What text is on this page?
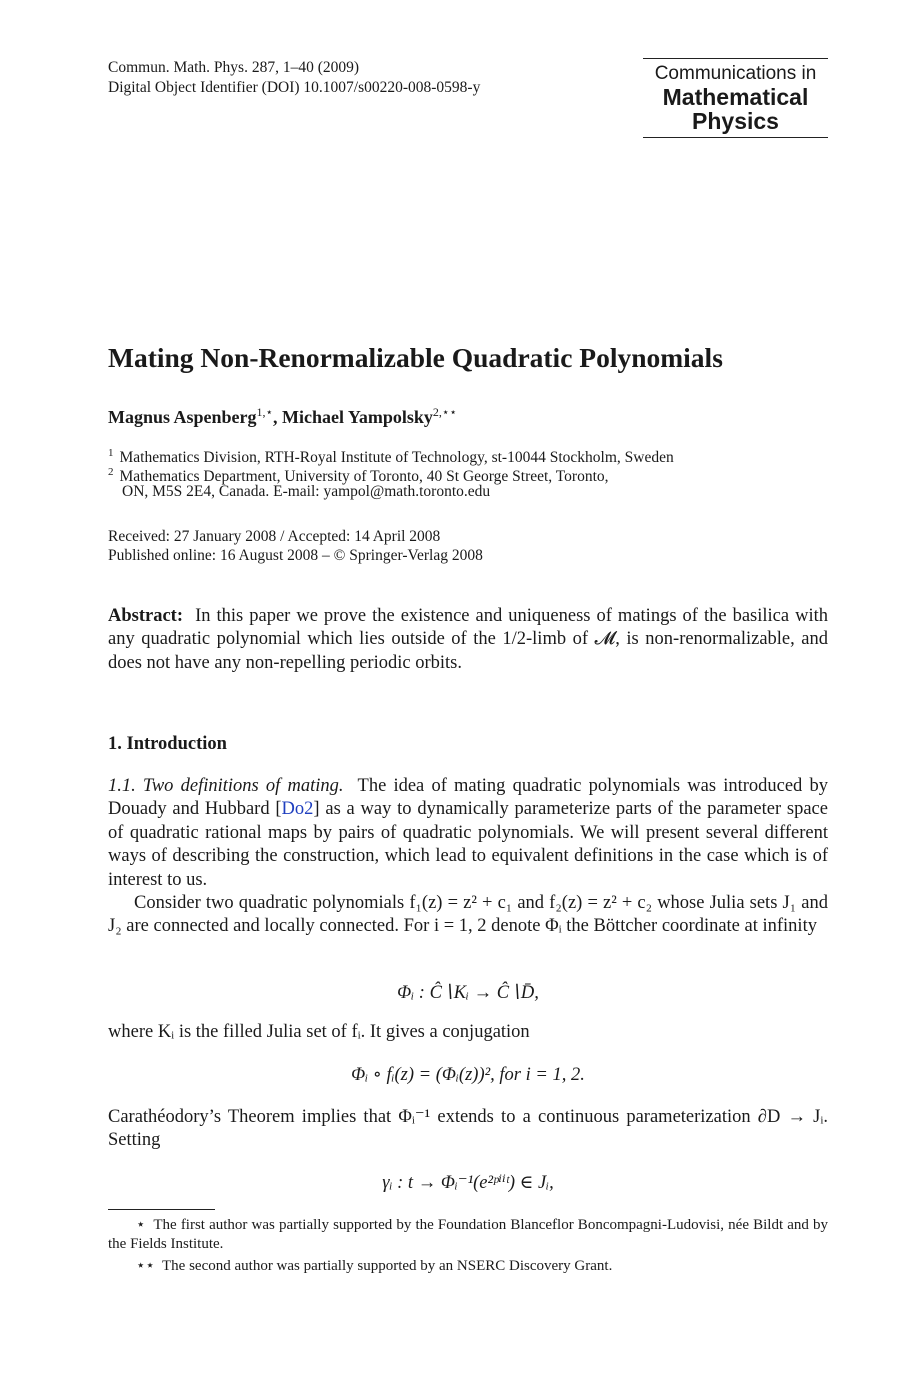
Commun. Math. Phys. 287, 1–40 (2009)
Digital Object Identifier (DOI) 10.1007/s00220-008-0598-y
Communications in
Mathematical
Physics
Mating Non-Renormalizable Quadratic Polynomials
Magnus Aspenberg$^{1,⋆}$, Michael Yampolsky$^{2,⋆⋆}$
$^1$ Mathematics Division, RTH-Royal Institute of Technology, st-10044 Stockholm, Sweden
$^2$ Mathematics Department, University of Toronto, 40 St George Street, Toronto,
ON, M5S 2E4, Canada. E-mail: yampol@math.toronto.edu
Received: 27 January 2008 / Accepted: 14 April 2008
Published online: 16 August 2008 – © Springer-Verlag 2008
Abstract: In this paper we prove the existence and uniqueness of matings of the basilica with any quadratic polynomial which lies outside of the 1/2-limb of 𝓜, is non-renormalizable, and does not have any non-repelling periodic orbits.
1. Introduction
1.1. Two definitions of mating. The idea of mating quadratic polynomials was introduced by Douady and Hubbard [Do2] as a way to dynamically parameterize parts of the parameter space of quadratic rational maps by pairs of quadratic polynomials. We will present several different ways of describing the construction, which lead to equivalent definitions in the case which is of interest to us.
Consider two quadratic polynomials f₁(z) = z² + c₁ and f₂(z) = z² + c₂ whose Julia sets J₁ and J₂ are connected and locally connected. For i = 1, 2 denote Φᵢ the Böttcher coordinate at infinity
Φᵢ : Ĉ∖Kᵢ → Ĉ∖D̄,
where Kᵢ is the filled Julia set of fᵢ. It gives a conjugation
Φᵢ ∘ fᵢ(z) = (Φᵢ(z))², for i = 1, 2.
Carathéodory’s Theorem implies that Φᵢ⁻¹ extends to a continuous parameterization ∂D → Jᵢ. Setting
γᵢ : t → Φᵢ⁻¹(e²ᵖⁱⁱᵗ) ∈ Jᵢ,
⋆ The first author was partially supported by the Foundation Blanceflor Boncompagni-Ludovisi, née Bildt and by the Fields Institute.
⋆⋆ The second author was partially supported by an NSERC Discovery Grant.
